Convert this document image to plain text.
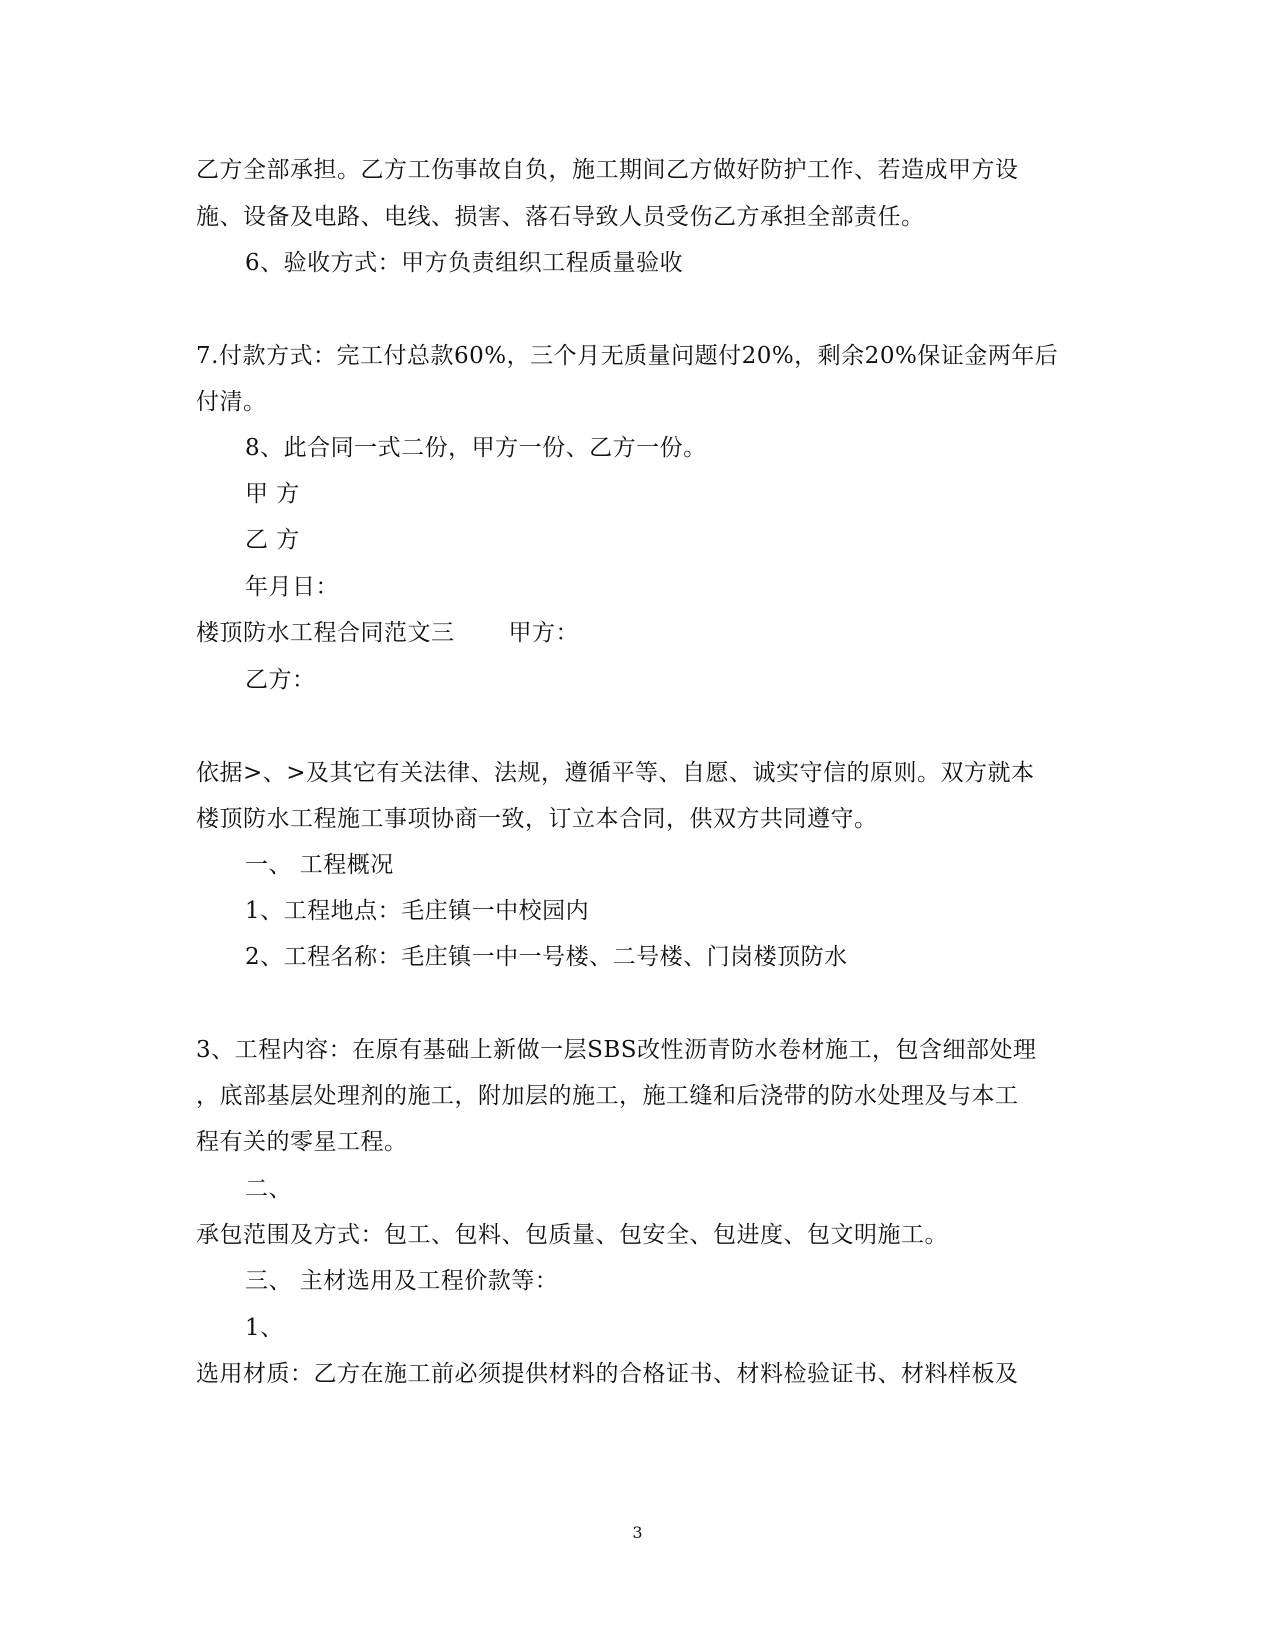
乙方全部承担。乙方工伤事故自负，施工期间乙方做好防护工作、若造成甲方设
施、设备及电路、电线、损害、落石导致人员受伤乙方承担全部责任。
6、验收方式：甲方负责组织工程质量验收
7.付款方式：完工付总款60%，三个月无质量问题付20%，剩余20%保证金两年后
付清。
8、此合同一式二份，甲方一份、乙方一份。
甲 方
乙 方
年月日：
楼顶防水工程合同范文三 甲方：
乙方：
依据>、>及其它有关法律、法规，遵循平等、自愿、诚实守信的原则。双方就本
楼顶防水工程施工事项协商一致，订立本合同，供双方共同遵守。
一、 工程概况
1、工程地点：毛庄镇一中校园内
2、工程名称：毛庄镇一中一号楼、二号楼、门岗楼顶防水
3、工程内容：在原有基础上新做一层SBS改性沥青防水卷材施工，包含细部处理
，底部基层处理剂的施工，附加层的施工，施工缝和后浇带的防水处理及与本工
程有关的零星工程。
二、
承包范围及方式：包工、包料、包质量、包安全、包进度、包文明施工。
三、 主材选用及工程价款等：
1、
选用材质：乙方在施工前必须提供材料的合格证书、材料检验证书、材料样板及
3
